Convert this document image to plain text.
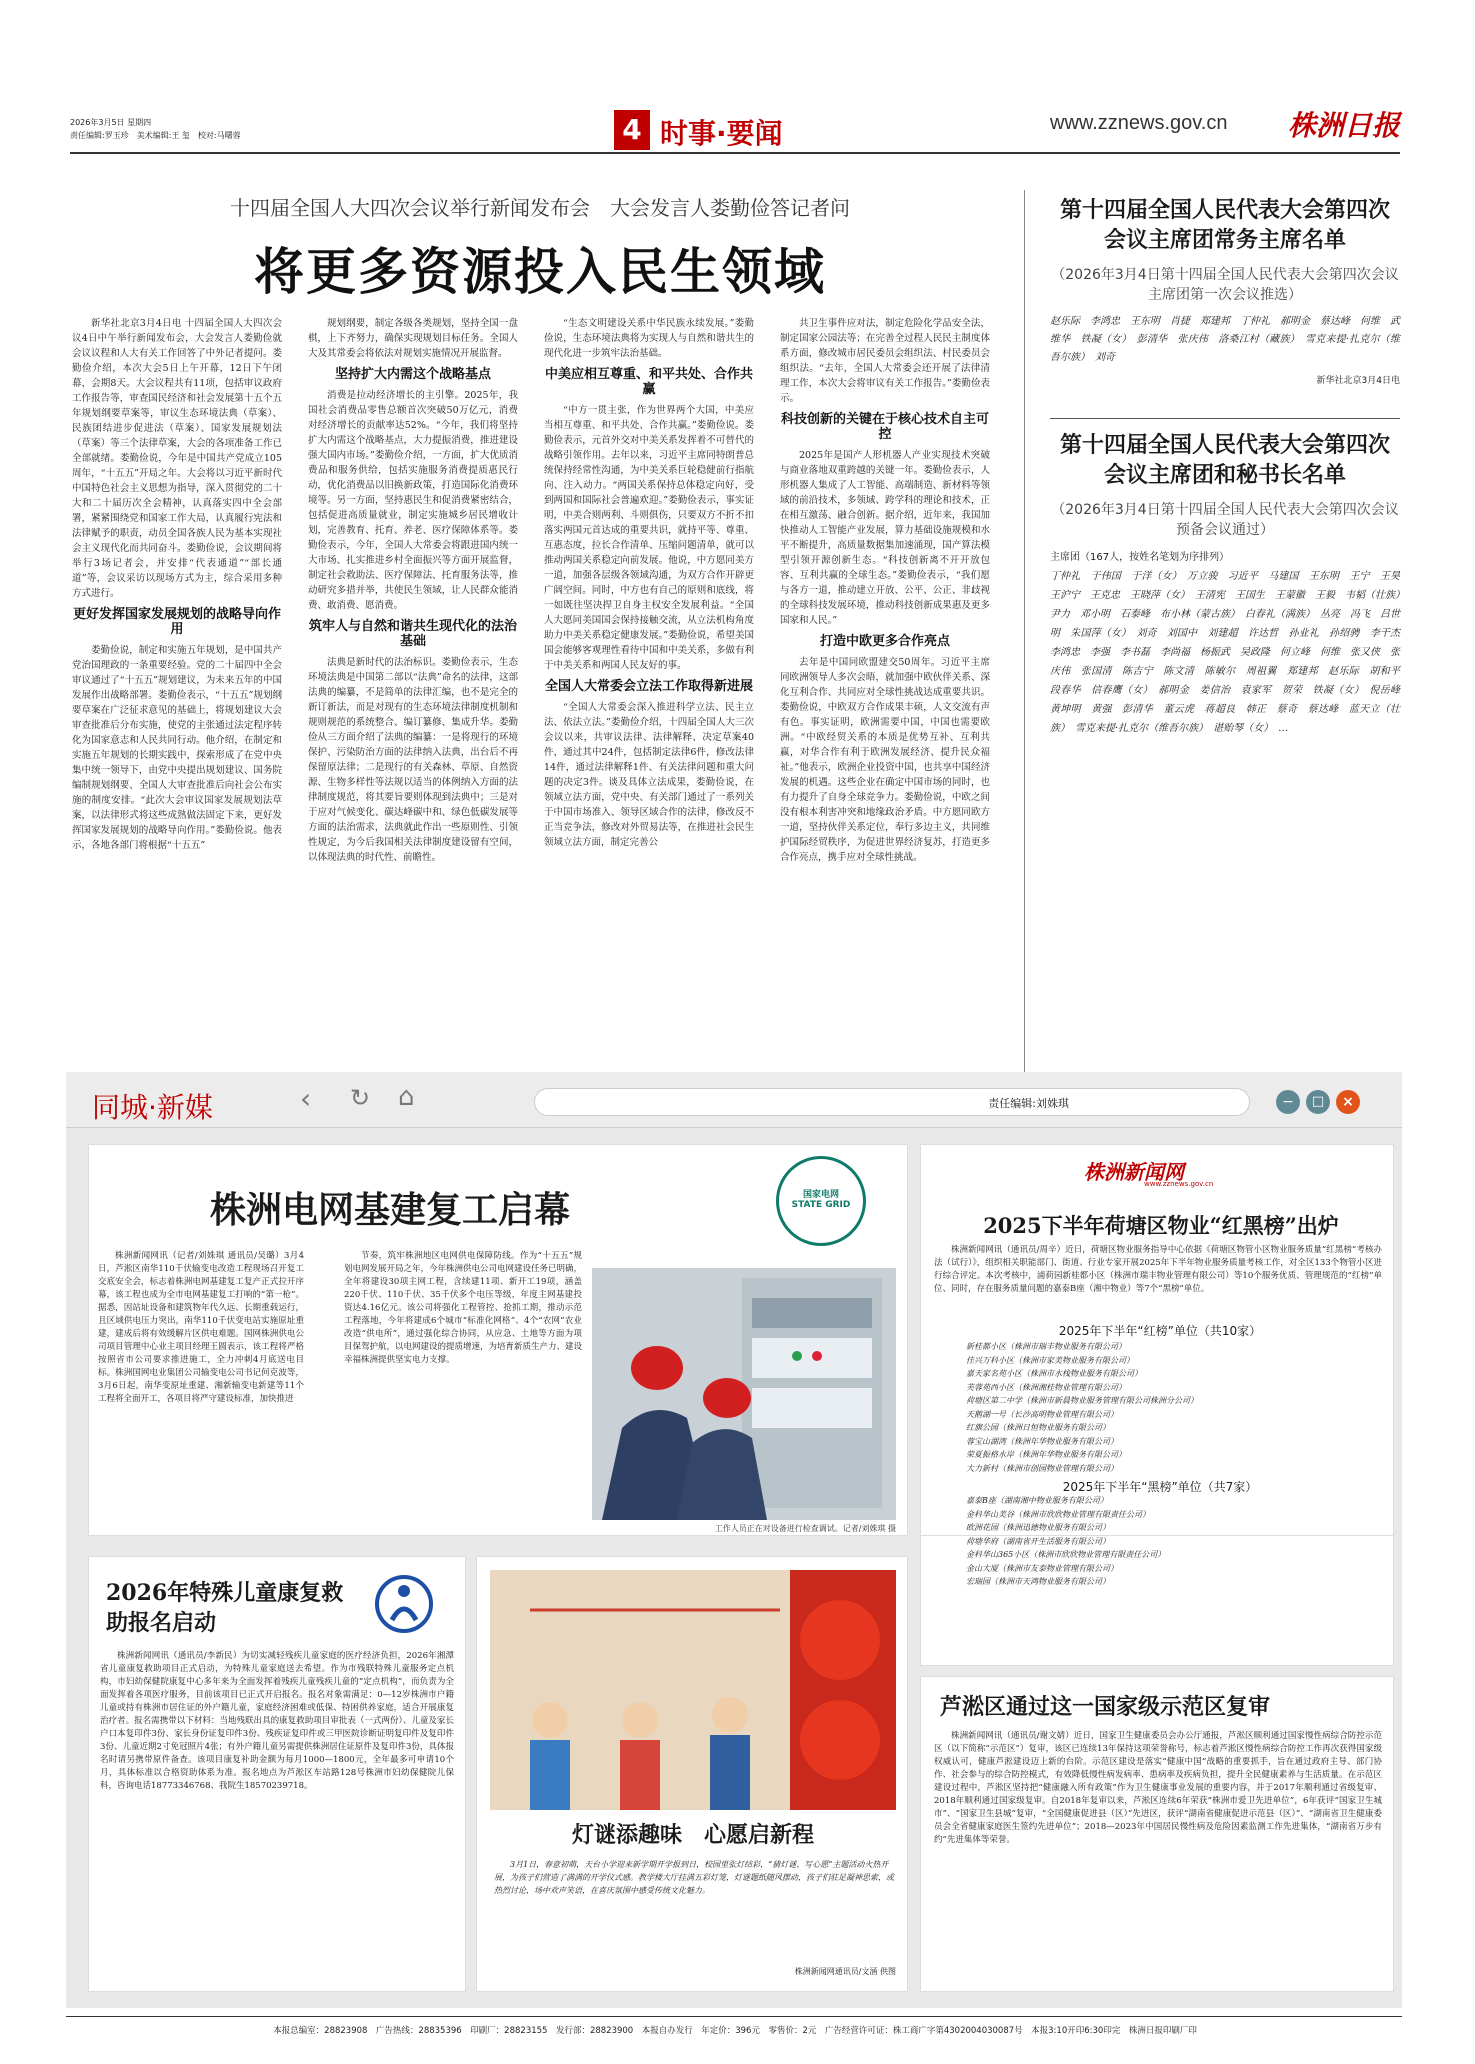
2026年3月5日 星期四
责任编辑:罗玉珍　美术编辑:王 玺　校对:马曙蓉	4 时事·要闻	www.zznews.gov.cn 株洲日报
十四届全国人大四次会议举行新闻发布会　大会发言人娄勤俭答记者问
将更多资源投入民生领域

新华社北京3月4日电 十四届全国人大四次会议4日中午举行新闻发布会，大会发言人娄勤俭就会议议程和人大有关工作回答了中外记者提问。娄勤俭介绍，本次大会5日上午开幕，12日下午闭幕，会期8天。大会议程共有11项，包括审议政府工作报告等，审查国民经济和社会发展第十五个五年规划纲要草案等，审议生态环境法典（草案）、民族团结进步促进法（草案）、国家发展规划法（草案）等三个法律草案，大会的各项准备工作已全部就绪。娄勤俭说，今年是中国共产党成立105周年，“十五五”开局之年。大会将以习近平新时代中国特色社会主义思想为指导，深入贯彻党的二十大和二十届历次全会精神，认真落实四中全会部署，紧紧围绕党和国家工作大局，认真履行宪法和法律赋予的职责，动员全国各族人民为基本实现社会主义现代化而共同奋斗。娄勤俭说，会议期间将举行3场记者会，并安排“代表通道”“部长通道”等，会议采访以现场方式为主，综合采用多种方式进行。

更好发挥国家发展规划的战略导向作用

娄勤俭说，制定和实施五年规划，是中国共产党治国理政的一条重要经验。党的二十届四中全会审议通过了“十五五”规划建议，为未来五年的中国发展作出战略部署。娄勤俭表示，“十五五”规划纲要草案在广泛征求意见的基础上，将规划建议大会审查批准后分布实施，使党的主张通过法定程序转化为国家意志和人民共同行动。他介绍，在制定和实施五年规划的长期实践中，探索形成了在党中央集中统一领导下，由党中央提出规划建议、国务院编制规划纲要、全国人大审查批准后向社会公布实施的制度安排。“此次大会审议国家发展规划法草案，以法律形式将这些成熟做法固定下来，更好发挥国家发展规划的战略导向作用。”娄勤俭说。他表示，各地各部门将根据“十五五”

规划纲要，制定各级各类规划，坚持全国一盘棋，上下齐努力，确保实现规划目标任务。全国人大及其常委会将依法对规划实施情况开展监督。

坚持扩大内需这个战略基点

消费是拉动经济增长的主引擎。2025年，我国社会消费品零售总额首次突破50万亿元，消费对经济增长的贡献率达52%。“今年，我们将坚持扩大内需这个战略基点，大力提振消费，推进建设强大国内市场。”娄勤俭介绍，一方面，扩大优质消费品和服务供给，包括实施服务消费提质惠民行动，优化消费品以旧换新政策，打造国际化消费环境等。另一方面，坚持惠民生和促消费紧密结合，包括促进高质量就业，制定实施城乡居民增收计划，完善教育、托育、养老、医疗保障体系等。娄勤俭表示，今年，全国人大常委会将跟进国内统一大市场、扎实推进乡村全面振兴等方面开展监督，制定社会救助法、医疗保障法、托育服务法等，推动研究多措并举，共使民生领域，让人民群众能消费、敢消费、愿消费。

筑牢人与自然和谐共生现代化的法治基础

法典是新时代的法治标识。娄勤俭表示，生态环境法典是中国第二部以“法典”命名的法律，这部法典的编纂，不是简单的法律汇编，也不是完全的新订新法，而是对现有的生态环境法律制度机制和规则规范的系统整合、编订纂修、集成升华。娄勤俭从三方面介绍了法典的编纂：一是将现行的环境保护、污染防治方面的法律纳入法典，出台后不再保留原法律；二是现行的有关森林、草原、自然资源、生物多样性等法规以适当的体例纳入方面的法律制度规范，将其要旨要则体现到法典中；三是对于应对气候变化、碳达峰碳中和、绿色低碳发展等方面的法治需求，法典就此作出一些原则性、引领性规定，为今后我国相关法律制度建设留有空间，以体现法典的时代性、前瞻性。

“生态文明建设关系中华民族永续发展。”娄勤俭说，生态环境法典将为实现人与自然和谐共生的现代化进一步筑牢法治基础。

中美应相互尊重、和平共处、合作共赢

“中方一贯主张，作为世界两个大国，中美应当相互尊重、和平共处、合作共赢。”娄勤俭说。娄勤俭表示，元首外交对中美关系发挥着不可替代的战略引领作用。去年以来，习近平主席同特朗普总统保持经常性沟通，为中美关系巨轮稳健前行指航向、注入动力。“两国关系保持总体稳定向好，受到两国和国际社会普遍欢迎。”娄勤俭表示，事实证明，中美合则两利、斗则俱伤，只要双方不折不扣落实两国元首达成的重要共识，就持平等、尊重、互惠态度，拉长合作清单、压缩问题清单，就可以推动两国关系稳定向前发展。他说，中方愿同美方一道，加强各层级各领域沟通，为双方合作开辟更广阔空间。同时，中方也有自己的原则和底线，将一如既往坚决捍卫自身主权安全发展利益。“全国人大愿同美国国会保持接触交流，从立法机构角度助力中美关系稳定健康发展。”娄勤俭说，希望美国国会能够客观理性看待中国和中美关系，多做有利于中美关系和两国人民友好的事。

全国人大常委会立法工作取得新进展

“全国人大常委会深入推进科学立法、民主立法、依法立法。”娄勤俭介绍，十四届全国人大三次会议以来，共审议法律、法律解释、决定草案40件，通过其中24件，包括制定法律6件，修改法律14件，通过法律解释1件、有关法律问题和重大问题的决定3件。谈及具体立法成果，娄勤俭说，在领域立法方面，党中央、有关部门通过了一系列关于中国市场准入、领导区域合作的法律，修改反不正当竞争法，修改对外贸易法等，在推进社会民生领域立法方面，制定完善公

共卫生事件应对法，制定危险化学品安全法，制定国家公园法等；在完善全过程人民民主制度体系方面，修改城市居民委员会组织法、村民委员会组织法。“去年，全国人大常委会还开展了法律清理工作，本次大会将审议有关工作报告。”娄勤俭表示。

科技创新的关键在于核心技术自主可控

2025年是国产人形机器人产业实现技术突破与商业落地双重跨越的关键一年。娄勤俭表示，人形机器人集成了人工智能、高端制造、新材料等领域的前沿技术，多领域、跨学科的理论和技术，正在相互激荡、融合创新。据介绍，近年来，我国加快推动人工智能产业发展，算力基础设施规模和水平不断提升，高质量数据集加速涌现，国产算法模型引领开源创新生态。“科技创新离不开开放包容、互利共赢的全球生态。”娄勤俭表示，“我们愿与各方一道，推动建立开放、公平、公正、非歧视的全球科技发展环境，推动科技创新成果惠及更多国家和人民。”

打造中欧更多合作亮点

去年是中国同欧盟建交50周年。习近平主席同欧洲领导人多次会晤，就加强中欧伙伴关系、深化互利合作、共同应对全球性挑战达成重要共识。娄勤俭说，中欧双方合作成果丰硕，人文交流有声有色。事实证明，欧洲需要中国，中国也需要欧洲。“中欧经贸关系的本质是优势互补、互利共赢，对华合作有利于欧洲发展经济、提升民众福祉。”他表示，欧洲企业投资中国，也共享中国经济发展的机遇。这些企业在确定中国市场的同时，也有力提升了自身全球竞争力。娄勤俭说，中欧之间没有根本利害冲突和地缘政治矛盾。中方愿同欧方一道，坚持伙伴关系定位，奉行多边主义，共同维护国际经贸秩序，为促进世界经济复苏，打造更多合作亮点，携手应对全球性挑战。

第十四届全国人民代表大会第四次会议主席团常务主席名单
（2026年3月4日第十四届全国人民代表大会第四次会议主席团第一次会议推选）
赵乐际　李鸿忠　王东明　肖捷　郑建邦　丁仲礼　郝明金　蔡达峰　何维　武维华　铁凝（女）　彭清华　张庆伟　洛桑江村（藏族）　雪克来提·扎克尔（维吾尔族）　刘奇
新华社北京3月4日电
第十四届全国人民代表大会第四次会议主席团和秘书长名单
（2026年3月4日第十四届全国人民代表大会第四次会议预备会议通过）
主席团（167人，按姓名笔划为序排列）
丁仲礼　于伟国　于洋（女）　万立骏　习近平　马建国　王东明　王宁　王昊　王沪宁　王克忠　王晓萍（女）　王清宪　王国生　王蒙徽　王毅　韦韬（壮族）　尹力　邓小明　石泰峰　布小林（蒙古族）　白春礼（满族）　丛亮　冯飞　吕世明　朱国萍（女）　刘奇　刘国中　刘建超　许达哲　孙业礼　孙绍骋　李干杰　李鸿忠　李强　李书磊　李尚福　杨振武　吴政隆　何立峰　何维　张又侠　张庆伟　张国清　陈吉宁　陈文清　陈敏尔　周祖翼　郑建邦　赵乐际　胡和平　段春华　信春鹰（女）　郝明金　姜信治　袁家军　贺荣　铁凝（女）　倪岳峰　黄坤明　黄强　彭清华　董云虎　蒋超良　韩正　蔡奇　蔡达峰　蓝天立（壮族）　雪克来提·扎克尔（维吾尔族）　谌贻琴（女）　…
同城·新媒	‹ ↻ ⌂	责任编辑:刘姝琪	−	□	×
株洲电网基建复工启幕	国家电网
STATE GRID

株洲新闻网讯（记者/刘姝琪 通讯员/吴璐）3月4日，芦淞区南华110千伏输变电改造工程现场召开复工交底安全会，标志着株洲电网基建复工复产正式拉开序幕，该工程也成为全市电网基建复工打响的“第一枪”。据悉，因站址设备和建筑物年代久远、长期重载运行，且区域供电压力突出，南华110千伏变电站实施原址重建，建成后将有效缓解片区供电难题。国网株洲供电公司项目管理中心业主项目经理王圆表示，该工程将严格按照省市公司要求推进施工，全力冲刺4月底送电目标。株洲国网电业集团公司输变电公司书记何克波等，3月6日起，南华变原址重建、湘新输变电新建等11个工程将全面开工，各项目将严守建设标准，加快推进

节奏，筑牢株洲地区电网供电保障防线。作为“十五五”规划电网发展开局之年，今年株洲供电公司电网建设任务已明确，全年将建设30项主网工程，含续建11项、新开工19项，涵盖220千伏、110千伏、35千伏多个电压等级，年度主网基建投资达4.16亿元。该公司将强化工程管控、抢抓工期，推动示范工程落地，今年将建成6个城市“标准化网格”、4个“农网”农业改造“供电所”，通过强化综合协同，从应急、土地等方面为项目保驾护航，以电网建设的提质增速，为培育新质生产力、建设幸福株洲提供坚实电力支撑。

工作人员正在对设备进行检查调试。记者/刘姝琪 摄
株洲新闻网
www.zznews.gov.cn
2025下半年荷塘区物业“红黑榜”出炉

株洲新闻网讯（通讯员/周辛）近日，荷塘区物业服务指导中心依据《荷塘区物管小区物业服务质量“红黑榜”考核办法（试行）》，组织相关职能部门、街道、行业专家开展2025年下半年物业服务质量考核工作，对全区133个物管小区进行综合评定。本次考核中，浦荷园新桂都小区（株洲市瑞丰物业管理有限公司）等10个服务优质、管理规范的“红榜”单位、同时，存在服务质量问题的嘉泰B座（湘中物业）等7个“黑榜”单位。

2025年下半年“红榜”单位（共10家）
新桂都小区（株洲市瑞丰物业服务有限公司）
佳兴万科小区（株洲市家美物业服务有限公司）
嘉天家名苑小区（株洲市水栈物业服务有限公司）
芙蓉苑西小区（株洲湘桂物业管理有限公司）
荷塘区第二中学（株洲市新晨物业服务管理有限公司株洲分公司）
天鹅湖一号（长沙高明物业管理有限公司）
红旗公园（株洲日恒物业服务有限公司）
蓉宝山湖湾（株洲年华物业服务有限公司）
荣夏振格水岸（株洲年华物业服务有限公司）
大力新村（株洲市创园物业管理有限公司）
2025年下半年“黑榜”单位（共7家）
嘉泰B座（湖南湘中物业服务有限公司）
金科华山美谷（株洲市欣欣物业管理有限责任公司）
欧洲花园（株洲迅德物业服务有限公司）
荷塘华府（湖南省开生活服务有限公司）
金科华山365小区（株洲市欣欣物业管理有限责任公司）
金山大厦（株洲市友泰物业管理有限公司）
宏瑞园（株洲市天鸿物业服务有限公司）
2026年特殊儿童康复救助报名启动

株洲新闻网讯（通讯员/李新民）为切实减轻残疾儿童家庭的医疗经济负担，2026年湘潭省儿童康复救助项目正式启动，为特殊儿童家庭送去希望。作为市残联特殊儿童服务定点机构，市妇幼保健院康复中心多年来为全面发挥着残疾儿童残疾儿童的“定点机构”，而负责为全面发挥着各项医疗服务，目前该项目已正式开启报名。报名对象需满足：0—12岁株洲市户籍儿童或持有株洲市居住证的外户籍儿童，家庭经济困难或低保、特困供养家庭，适合开展康复治疗者。报名需携带以下材料：当地残联出具的康复救助项目审批表（一式两份）、儿童及家长户口本复印件3份、家长身份证复印件3份、残疾证复印件或三甲医院诊断证明复印件及复印件3份、儿童近期2寸免冠照片4张；有外户籍儿童另需提供株洲居住证原件及复印件3份，具体报名时请另携带原件备查。该项目康复补助金额为每月1000—1800元，全年最多可申请10个月，具体标准以合格资助体系为准。报名地点为芦淞区车站路128号株洲市妇幼保健院儿保科，咨询电话18773346768、我院生18570239718。

灯谜添趣味　心愿启新程

3月1日，春意初萌，天台小学迎来新学期开学报到日，校园里张灯结彩，“猜灯谜、写心愿”主题活动火热开展，为孩子们营造了满满的开学仪式感。教学楼大厅挂满五彩灯笼，灯谜题纸随风摆动，孩子们驻足凝神思索，或热烈讨论，场中欢声笑语，在喜庆氛围中感受传统文化魅力。

株洲新闻网通讯员/文涵 供图
芦淞区通过这一国家级示范区复审

株洲新闻网讯（通讯员/谢文婧）近日，国家卫生健康委员会办公厅通报，芦淞区顺利通过国家慢性病综合防控示范区（以下简称“示范区”）复审，该区已连续13年保持这项荣誉称号，标志着芦淞区慢性病综合防控工作再次获得国家级权威认可，健康芦淞建设迈上新的台阶。示范区建设是落实“健康中国”战略的重要抓手，旨在通过政府主导、部门协作、社会参与的综合防控模式，有效降低慢性病发病率、患病率及疾病负担，提升全民健康素养与生活质量。在示范区建设过程中，芦淞区坚持把“健康融入所有政策”作为卫生健康事业发展的重要内容，并于2017年顺利通过省级复审、2018年顺利通过国家级复审。自2018年复审以来，芦淞区连续6年荣获“株洲市爱卫先进单位”，6年获评“国家卫生城市”、“国家卫生县城”复审，“全国健康促进县（区）”先进区，获评“湖南省健康促进示范县（区）”、“湖南省卫生健康委员会全省健康家庭医生签约先进单位”；2018—2023年中国居民慢性病及危险因素监测工作先进集体，“湖南省万步有约”先进集体等荣誉。

本报总编室：28823908　广告热线：28835396　印刷厂：28823155　发行部：28823900　本报自办发行　年定价：396元　零售价：2元　广告经营许可证：株工商广字第4302004030087号　本报3:10开印6:30印完　株洲日报印刷厂印
